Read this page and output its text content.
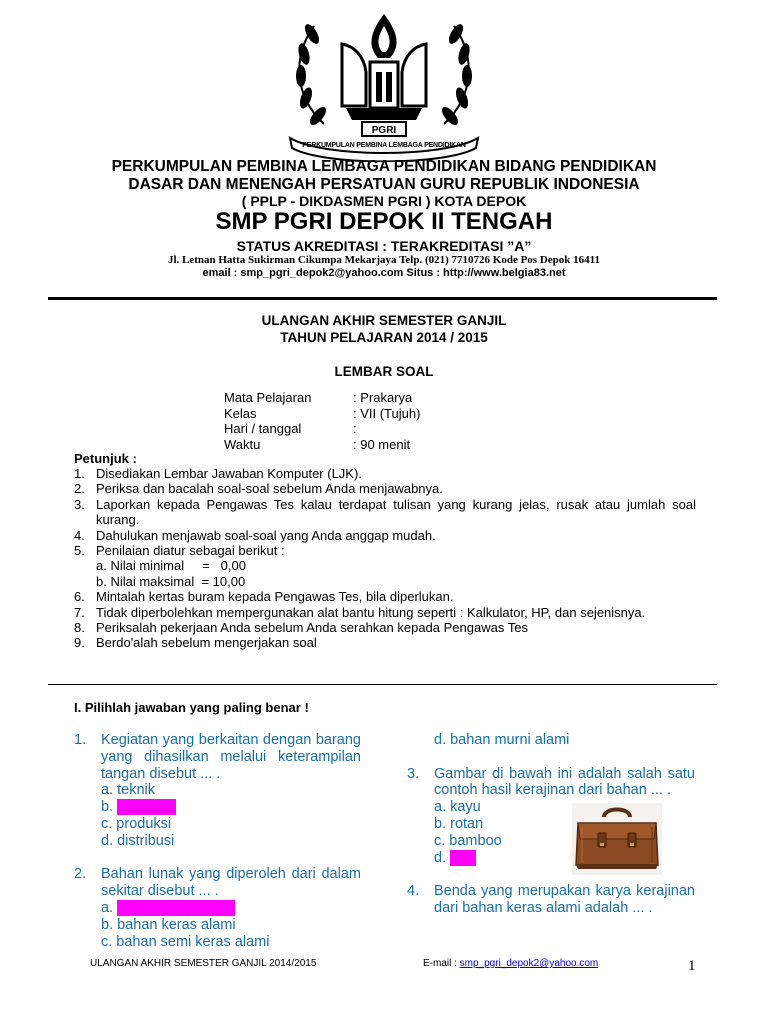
PGRI
PERKUMPULAN PEMBINA LEMBAGA PENDIDIKAN
PERKUMPULAN PEMBINA LEMBAGA PENDIDIKAN BIDANG PENDIDIKAN
DASAR DAN MENENGAH PERSATUAN GURU REPUBLIK INDONESIA
( PPLP - DIKDASMEN PGRI ) KOTA DEPOK
SMP PGRI DEPOK II TENGAH
STATUS AKREDITASI : TERAKREDITASI ”A”
Jl. Letnan Hatta Sukirman Cikumpa Mekarjaya Telp. (021) 7710726 Kode Pos Depok 16411
email : smp_pgri_depok2@yahoo.com Situs : http://www.belgia83.net
ULANGAN AKHIR SEMESTER GANJIL
TAHUN PELAJARAN 2014 / 2015
LEMBAR SOAL
Mata Pelajaran	: Prakarya
Kelas	: VII (Tujuh)
Hari / tanggal	:
Waktu	: 90 menit
Petunjuk :
1. Disediakan Lembar Jawaban Komputer (LJK).
2. Periksa dan bacalah soal-soal sebelum Anda menjawabnya.
3. Laporkan kepada Pengawas Tes kalau terdapat tulisan yang kurang jelas, rusak atau jumlah soal kurang.
4. Dahulukan menjawab soal-soal yang Anda anggap mudah.
5. Penilaian diatur sebagai berikut :
a. Nilai minimal     =   0,00
b. Nilai maksimal  = 10,00
6. Mintalah kertas buram kepada Pengawas Tes, bila diperlukan.
7. Tidak diperbolehkan mempergunakan alat bantu hitung seperti : Kalkulator, HP, dan sejenisnya.
8. Periksalah pekerjaan Anda sebelum Anda serahkan kepada Pengawas Tes
9. Berdo'alah sebelum mengerjakan soal
I. Pilihlah jawaban yang paling benar !
1.	Kegiatan yang berkaitan dengan barang yang dihasilkan melalui keterampilan tangan disebut ... .
a. teknik
b. kerajinan
c. produksi
d. distribusi
2.	Bahan lunak yang diperoleh dari dalam sekitar disebut ... .
a. bahan lunak alami
b. bahan keras alami
c. bahan semi keras alami
d. bahan murni alami
3.	Gambar di bawah ini adalah salah satu contoh hasil kerajinan dari bahan ... .
a. kayu
b. rotan
c. bamboo
d. kulit
4.	Benda yang merupakan karya kerajinan dari bahan keras alami adalah ... .
ULANGAN AKHIR SEMESTER GANJIL 2014/2015	E-mail : smp_pgri_depok2@yahoo.com	1
